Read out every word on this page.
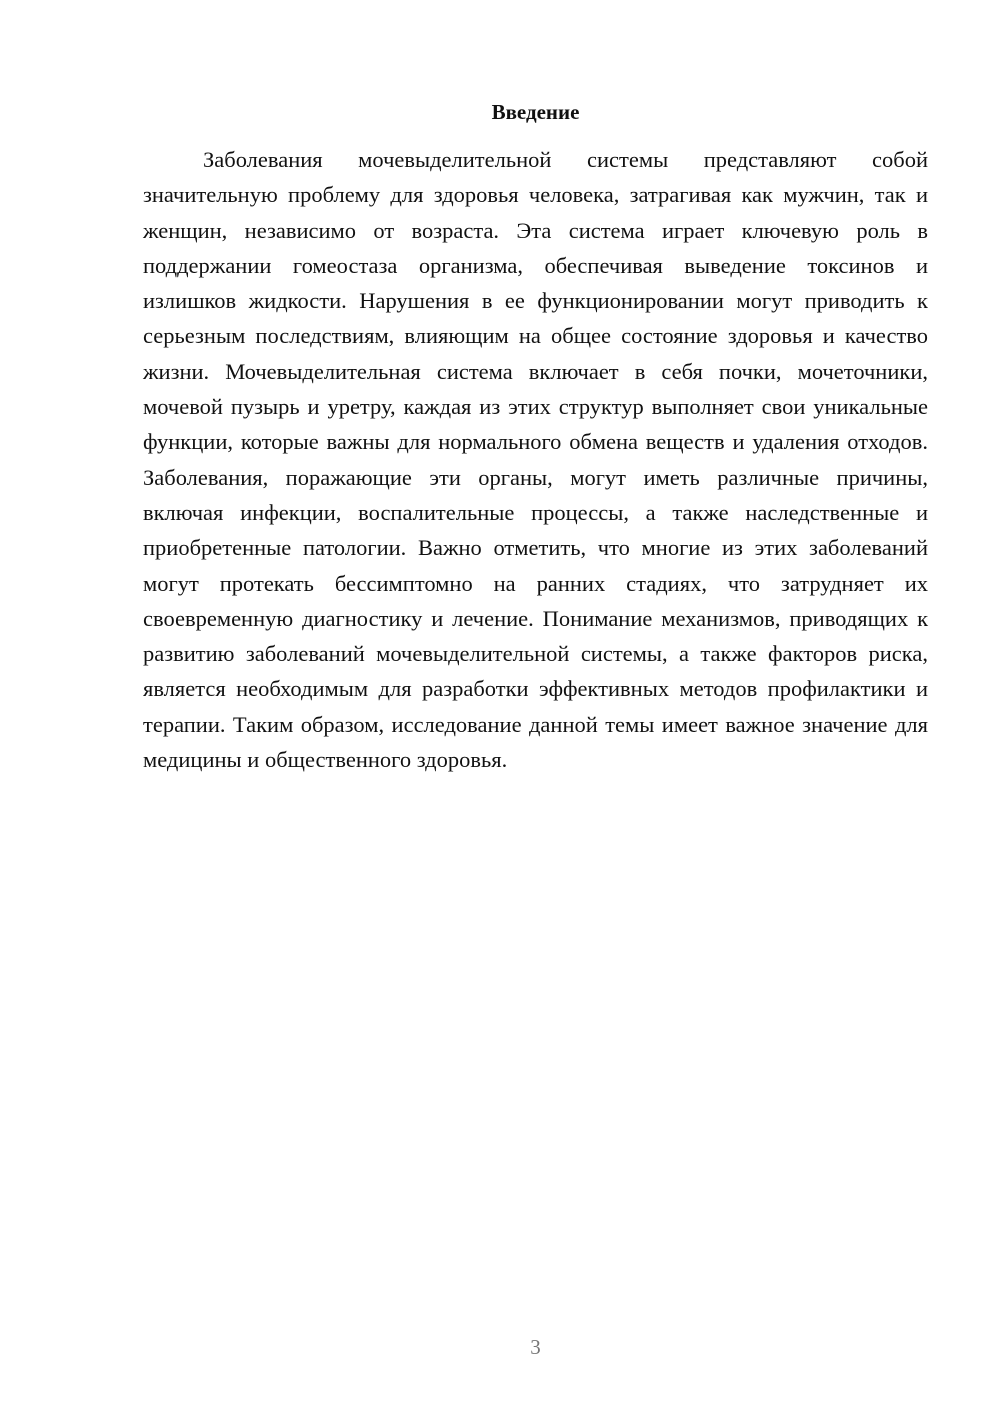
Введение

Заболевания мочевыделительной системы представляют собой значительную проблему для здоровья человека, затрагивая как мужчин, так и женщин, независимо от возраста. Эта система играет ключевую роль в поддержании гомеостаза организма, обеспечивая выведение токсинов и излишков жидкости. Нарушения в ее функционировании могут приводить к серьезным последствиям, влияющим на общее состояние здоровья и качество жизни. Мочевыделительная система включает в себя почки, мочеточники, мочевой пузырь и уретру, каждая из этих структур выполняет свои уникальные функции, которые важны для нормального обмена веществ и удаления отходов. Заболевания, поражающие эти органы, могут иметь различные причины, включая инфекции, воспалительные процессы, а также наследственные и приобретенные патологии. Важно отметить, что многие из этих заболеваний могут протекать бессимптомно на ранних стадиях, что затрудняет их своевременную диагностику и лечение. Понимание механизмов, приводящих к развитию заболеваний мочевыделительной системы, а также факторов риска, является необходимым для разработки эффективных методов профилактики и терапии. Таким образом, исследование данной темы имеет важное значение для медицины и общественного здоровья.

3
